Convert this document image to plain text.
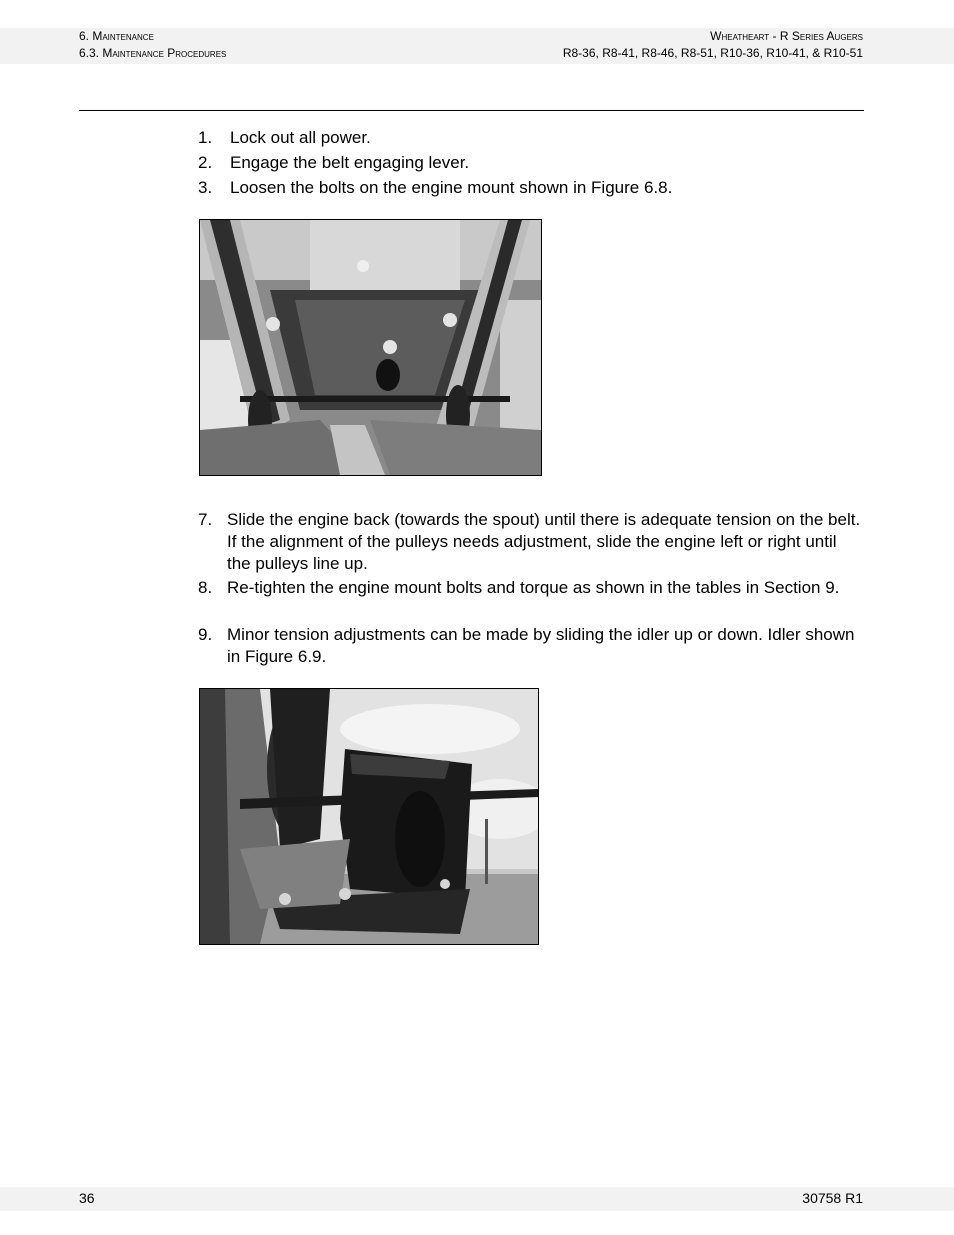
6. Maintenance
6.3. Maintenance Procedures
Wheatheart - R Series Augers
R8-36, R8-41, R8-46, R8-51, R10-36, R10-41, & R10-51
1.	Lock out all power.
2.	Engage the belt engaging lever.
3.	Loosen the bolts on the engine mount shown in Figure 6.8.
7. Slide the engine back (towards the spout) until there is adequate tension on the belt. If the alignment of the pulleys needs adjustment, slide the engine left or right until the pulleys line up.
8. Re-tighten the engine mount bolts and torque as shown in the tables in Section 9.
9. Minor tension adjustments can be made by sliding the idler up or down. Idler shown in Figure 6.9.
36	30758 R1
